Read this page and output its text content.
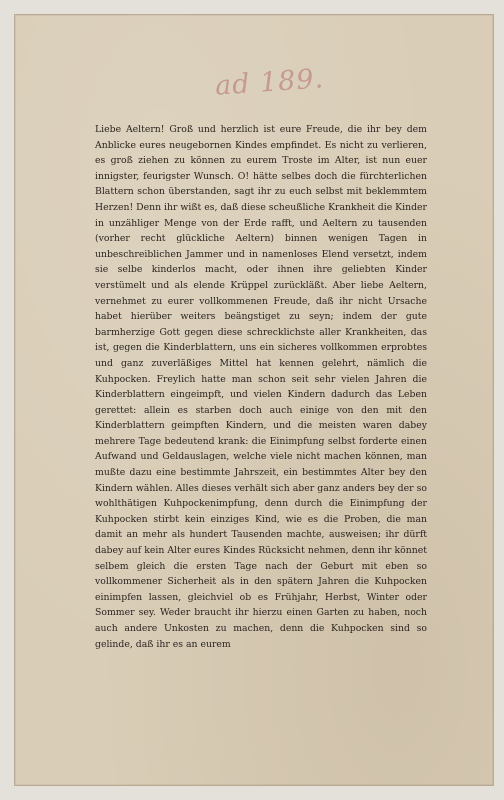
ad 189.
Liebe Aeltern! Groß und herzlich ist eure Freude, die ihr bey dem Anblicke eures neugebornen Kindes empfindet. Es nicht zu verlieren, es groß ziehen zu können zu eurem Troste im Alter, ist nun euer innigster, feurigster Wunsch. O! hätte selbes doch die fürchterlichen Blattern schon überstanden, sagt ihr zu euch selbst mit beklemmtem Herzen! Denn ihr wißt es, daß diese scheußliche Krankheit die Kinder in unzähliger Menge von der Erde rafft, und Aeltern zu tausenden (vorher recht glückliche Aeltern) binnen wenigen Tagen in unbeschreiblichen Jammer und in namenloses Elend versetzt, indem sie selbe kinderlos macht, oder ihnen ihre geliebten Kinder verstümelt und als elende Krüppel zurückläßt. Aber liebe Aeltern, vernehmet zu eurer vollkommenen Freude, daß ihr nicht Ursache habet hierüber weiters beängstiget zu seyn; indem der gute barmherzige Gott gegen diese schrecklichste aller Krankheiten, das ist, gegen die Kinderblattern, uns ein sicheres vollkommen erprobtes und ganz zuverläßiges Mittel hat kennen gelehrt, nämlich die Kuhpocken. Freylich hatte man schon seit sehr vielen Jahren die Kinderblattern eingeimpft, und vielen Kindern dadurch das Leben gerettet: allein es starben doch auch einige von den mit den Kinderblattern geimpften Kindern, und die meisten waren dabey mehrere Tage bedeutend krank: die Einimpfung selbst forderte einen Aufwand und Geldauslagen, welche viele nicht machen können, man mußte dazu eine bestimmte Jahrszeit, ein bestimmtes Alter bey den Kindern wählen. Alles dieses verhält sich aber ganz anders bey der so wohlthätigen Kuhpockenimpfung, denn durch die Einimpfung der Kuhpocken stirbt kein einziges Kind, wie es die Proben, die man damit an mehr als hundert Tausenden machte, ausweisen; ihr dürft dabey auf kein Alter eures Kindes Rücksicht nehmen, denn ihr könnet selbem gleich die ersten Tage nach der Geburt mit eben so vollkommener Sicherheit als in den spätern Jahren die Kuhpocken einimpfen lassen, gleichviel ob es Frühjahr, Herbst, Winter oder Sommer sey. Weder braucht ihr hierzu einen Garten zu haben, noch auch andere Unkosten zu machen, denn die Kuhpocken sind so gelinde, daß ihr es an eurem
